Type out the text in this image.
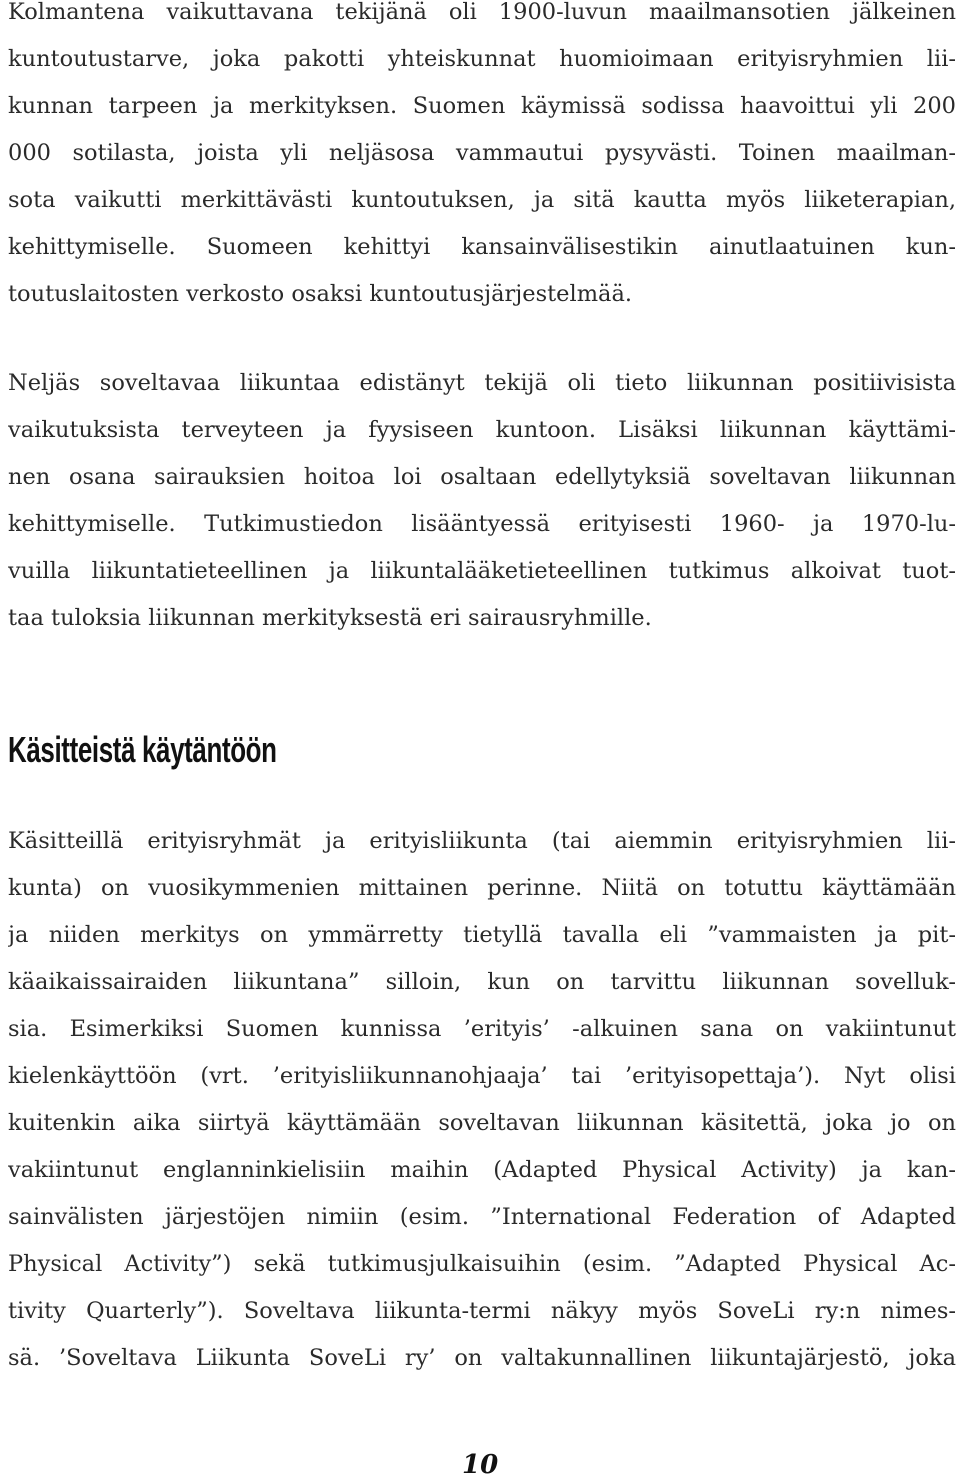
Kolmantena vaikuttavana tekijänä oli 1900-luvun maailmansotien jälkeinen
kuntoutustarve, joka pakotti yhteiskunnat huomioimaan erityisryhmien lii-
kunnan tarpeen ja merkityksen. Suomen käymissä sodissa haavoittui yli 200
000 sotilasta, joista yli neljäsosa vammautui pysyvästi. Toinen maailman-
sota vaikutti merkittävästi kuntoutuksen, ja sitä kautta myös liiketerapian,
kehittymiselle. Suomeen kehittyi kansainvälisestikin ainutlaatuinen kun-
toutuslaitosten verkosto osaksi kuntoutusjärjestelmää.
Neljäs soveltavaa liikuntaa edistänyt tekijä oli tieto liikunnan positiivisista
vaikutuksista terveyteen ja fyysiseen kuntoon. Lisäksi liikunnan käyttämi-
nen osana sairauksien hoitoa loi osaltaan edellytyksiä soveltavan liikunnan
kehittymiselle. Tutkimustiedon lisääntyessä erityisesti 1960- ja 1970-lu-
vuilla liikuntatieteellinen ja liikuntalääketieteellinen tutkimus alkoivat tuot-
taa tuloksia liikunnan merkityksestä eri sairausryhmille.
Käsitteistä käytäntöön
Käsitteillä erityisryhmät ja erityisliikunta (tai aiemmin erityisryhmien lii-
kunta) on vuosikymmenien mittainen perinne. Niitä on totuttu käyttämään
ja niiden merkitys on ymmärretty tietyllä tavalla eli ”vammaisten ja pit-
käaikaissairaiden liikuntana” silloin, kun on tarvittu liikunnan sovelluk-
sia. Esimerkiksi Suomen kunnissa ’erityis’ -alkuinen sana on vakiintunut
kielenkäyttöön (vrt. ’erityisliikunnanohjaaja’ tai ’erityisopettaja’). Nyt olisi
kuitenkin aika siirtyä käyttämään soveltavan liikunnan käsitettä, joka jo on
vakiintunut englanninkielisiin maihin (Adapted Physical Activity) ja kan-
sainvälisten järjestöjen nimiin (esim. ”International Federation of Adapted
Physical Activity”) sekä tutkimusjulkaisuihin (esim. ”Adapted Physical Ac-
tivity Quarterly”). Soveltava liikunta-termi näkyy myös SoveLi ry:n nimes-
sä. ’Soveltava Liikunta SoveLi ry’ on valtakunnallinen liikuntajärjestö, joka
10
